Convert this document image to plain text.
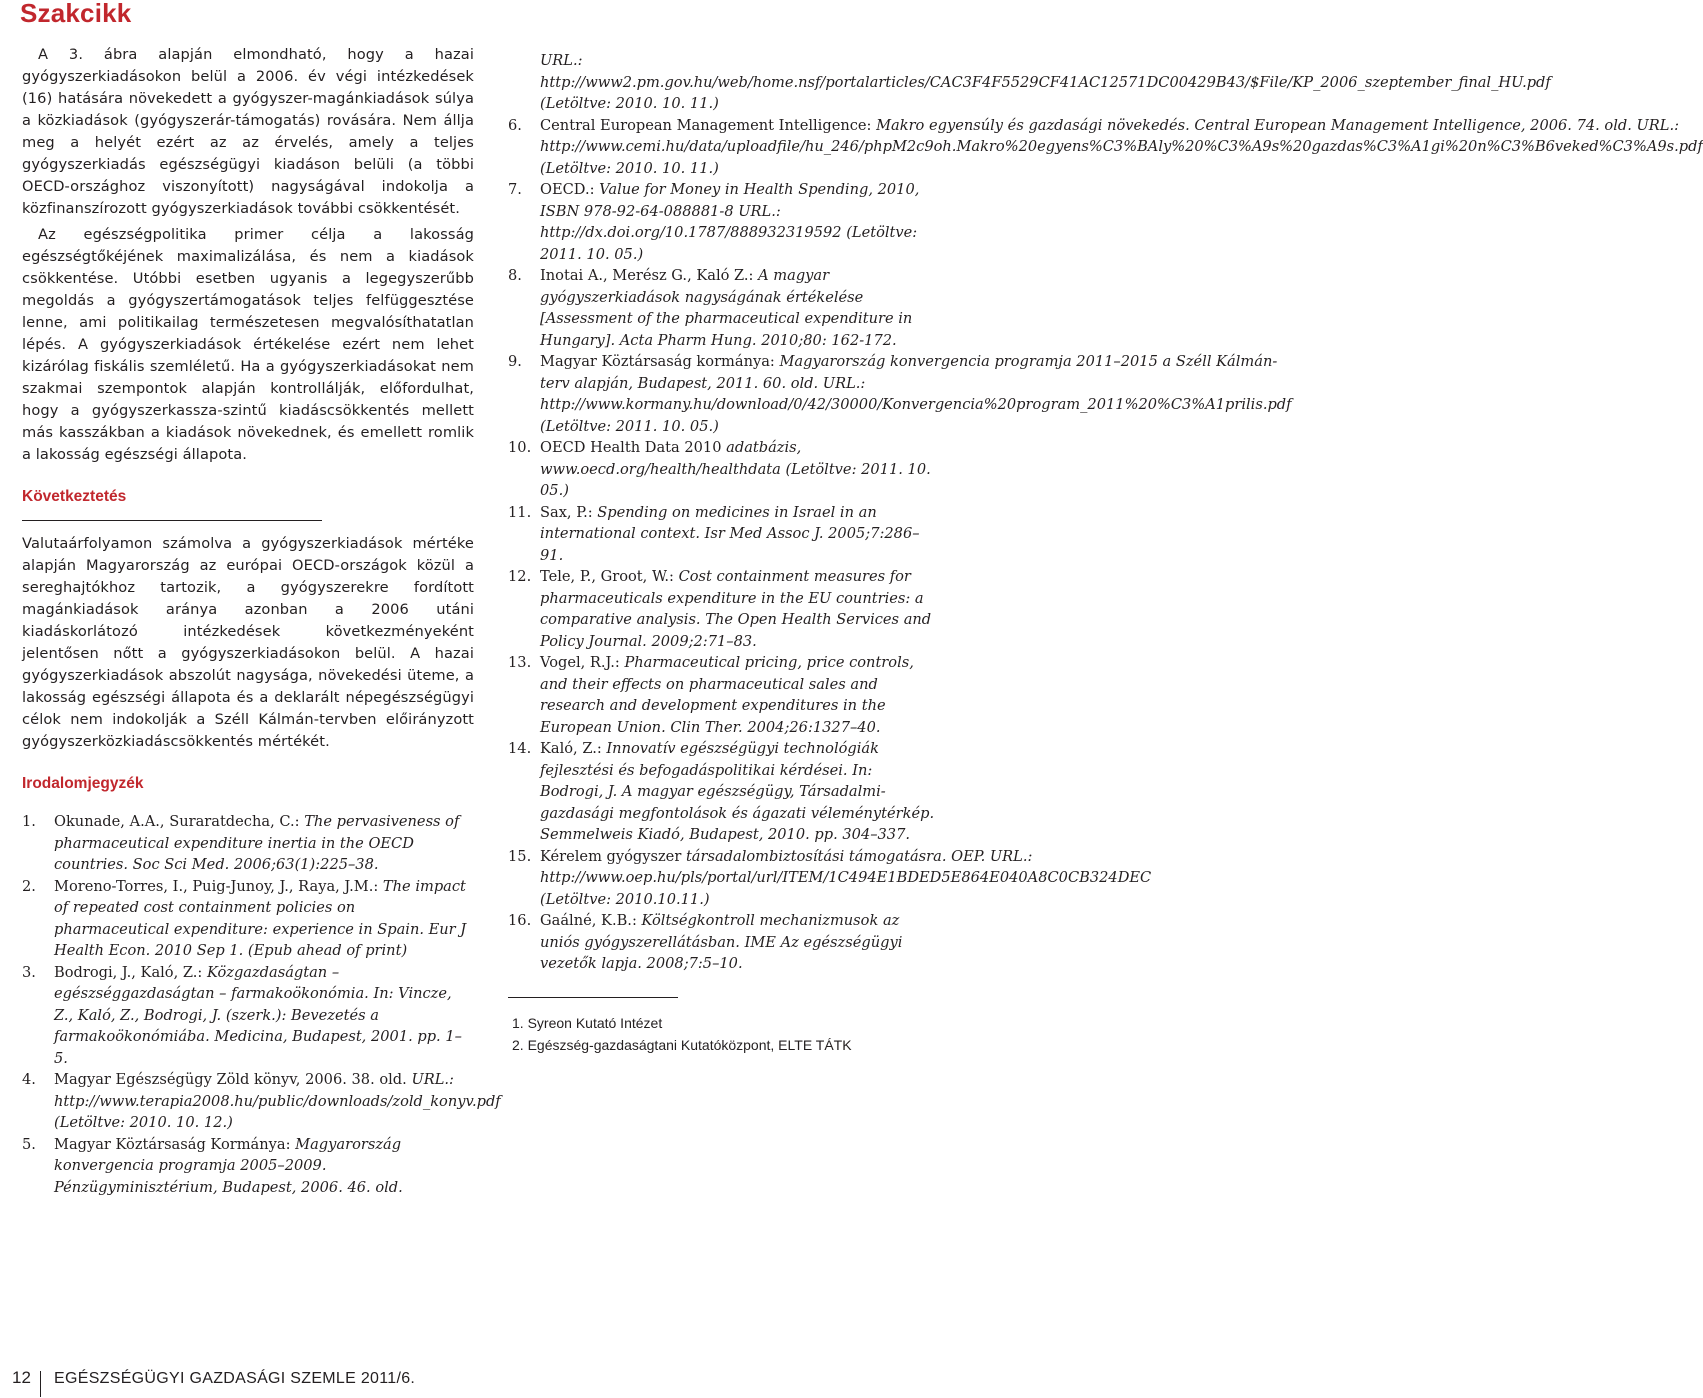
Szakcikk

A 3. ábra alapján elmondható, hogy a hazai gyógyszerkiadásokon belül a 2006. év végi intézkedések (16) hatására növekedett a gyógyszer-magánkiadások súlya a közkiadások (gyógyszerár-támogatás) rovására. Nem állja meg a helyét ezért az az érvelés, amely a teljes gyógyszerkiadás egészségügyi kiadáson belüli (a többi OECD-országhoz viszonyított) nagyságával indokolja a közfinanszírozott gyógyszerkiadások további csökkentését.

Az egészségpolitika primer célja a lakosság egészségtőkéjének maximalizálása, és nem a kiadások csökkentése. Utóbbi esetben ugyanis a legegyszerűbb megoldás a gyógyszertámogatások teljes felfüggesztése lenne, ami politikailag természetesen megvalósíthatatlan lépés. A gyógyszerkiadások értékelése ezért nem lehet kizárólag fiskális szemléletű. Ha a gyógyszerkiadásokat nem szakmai szempontok alapján kontrollálják, előfordulhat, hogy a gyógyszerkassza-szintű kiadáscsökkentés mellett más kasszákban a kiadások növekednek, és emellett romlik a lakosság egészségi állapota.

Következtetés

Valutaárfolyamon számolva a gyógyszerkiadások mértéke alapján Magyarország az európai OECD-országok közül a sereghajtókhoz tartozik, a gyógyszerekre fordított magánkiadások aránya azonban a 2006 utáni kiadáskorlátozó intézkedések következményeként jelentősen nőtt a gyógyszerkiadásokon belül. A hazai gyógyszerkiadások abszolút nagysága, növekedési üteme, a lakosság egészségi állapota és a deklarált népegészségügyi célok nem indokolják a Széll Kálmán-tervben előirányzott gyógyszerközkiadáscsökkentés mértékét.

Irodalomjegyzék
1.	Okunade, A.A., Suraratdecha, C.: The pervasiveness of pharmaceutical expenditure inertia in the OECD countries. Soc Sci Med. 2006;63(1):225–38.
2.	Moreno-Torres, I., Puig-Junoy, J., Raya, J.M.: The impact of repeated cost containment policies on pharmaceutical expenditure: experience in Spain. Eur J Health Econ. 2010 Sep 1. (Epub ahead of print)
3.	Bodrogi, J., Kaló, Z.: Közgazdaságtan – egészséggazdaságtan – farmakoökonómia. In: Vincze, Z., Kaló, Z., Bodrogi, J. (szerk.): Bevezetés a farmakoökonómiába. Medicina, Budapest, 2001. pp. 1–5.
4.	Magyar Egészségügy Zöld könyv, 2006. 38. old. URL.: http://www.terapia2008.hu/public/downloads/zold_konyv.pdf (Letöltve: 2010. 10. 12.)
5.	Magyar Köztársaság Kormánya: Magyarország konvergencia programja 2005–2009. Pénzügyminisztérium, Budapest, 2006. 46. old.
URL.: http://www2.pm.gov.hu/web/home.nsf/portalarticles/CAC3F4F5529CF41AC12571DC00429B43/$File/KP_2006_szeptember_final_HU.pdf (Letöltve: 2010. 10. 11.)
6.	Central European Management Intelligence: Makro egyensúly és gazdasági növekedés. Central European Management Intelligence, 2006. 74. old. URL.: http://www.cemi.hu/data/uploadfile/hu_246/phpM2c9oh.Makro%20egyens%C3%BAly%20%C3%A9s%20gazdas%C3%A1gi%20n%C3%B6veked%C3%A9s.pdf (Letöltve: 2010. 10. 11.)
7.	OECD.: Value for Money in Health Spending, 2010, ISBN 978-92-64-088881-8 URL.: http://dx.doi.org/10.1787/888932319592 (Letöltve: 2011. 10. 05.)
8.	Inotai A., Merész G., Kaló Z.: A magyar gyógyszerkiadások nagyságának értékelése [Assessment of the pharmaceutical expenditure in Hungary]. Acta Pharm Hung. 2010;80: 162-172.
9.	Magyar Köztársaság kormánya: Magyarország konvergencia programja 2011–2015 a Széll Kálmán-terv alapján, Budapest, 2011. 60. old. URL.: http://www.kormany.hu/download/0/42/30000/Konvergencia%20program_2011%20%C3%A1prilis.pdf (Letöltve: 2011. 10. 05.)
10. OECD Health Data 2010 adatbázis, www.oecd.org/health/healthdata (Letöltve: 2011. 10. 05.)
11. Sax, P.: Spending on medicines in Israel in an international context. Isr Med Assoc J. 2005;7:286–91.
12. Tele, P., Groot, W.: Cost containment measures for pharmaceuticals expenditure in the EU countries: a comparative analysis. The Open Health Services and Policy Journal. 2009;2:71–83.
13. Vogel, R.J.: Pharmaceutical pricing, price controls, and their effects on pharmaceutical sales and research and development expenditures in the European Union. Clin Ther. 2004;26:1327–40.
14. Kaló, Z.: Innovatív egészségügyi technológiák fejlesztési és befogadáspolitikai kérdései. In: Bodrogi, J. A magyar egészségügy, Társadalmi-gazdasági megfontolások és ágazati véleménytérkép. Semmelweis Kiadó, Budapest, 2010. pp. 304–337.
15. Kérelem gyógyszer társadalombiztosítási támogatásra. OEP. URL.: http://www.oep.hu/pls/portal/url/ITEM/1C494E1BDED5E864E040A8C0CB324DEC (Letöltve: 2010.10.11.)
16. Gaálné, K.B.: Költségkontroll mechanizmusok az uniós gyógyszerellátásban. IME Az egészségügyi vezetők lapja. 2008;7:5–10.

1. Syreon Kutató Intézet

2. Egészség-gazdaságtani Kutatóközpont, ELTE TÁTK

12 EGÉSZSÉGÜGYI GAZDASÁGI SZEMLE 2011/6.
